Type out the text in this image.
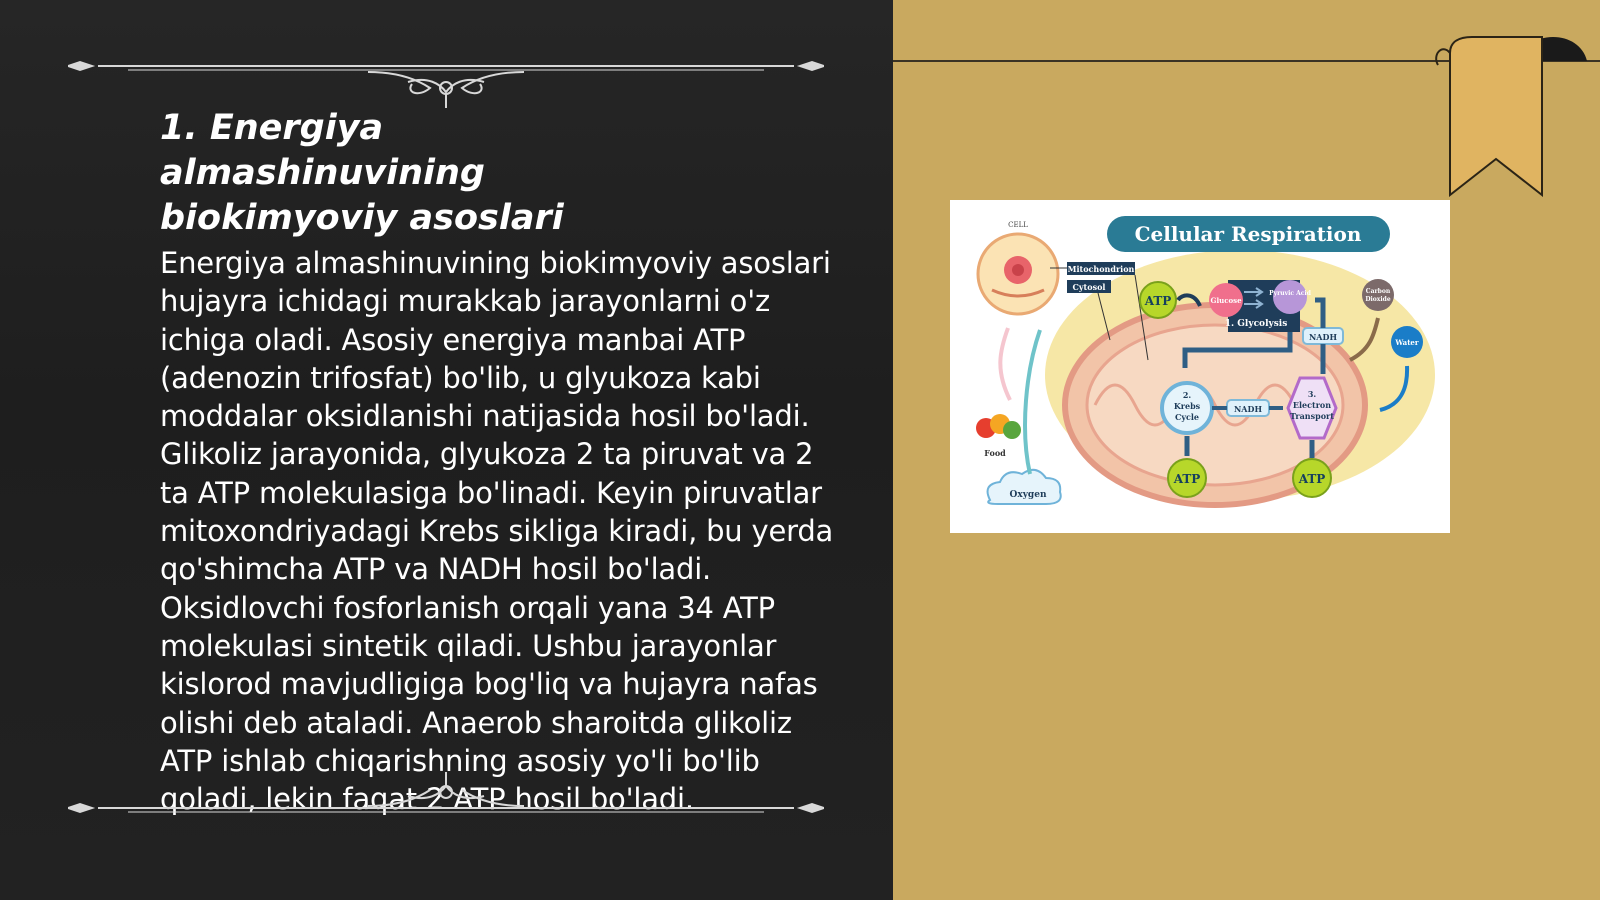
1. Energiya almashinuvining biokimyoviy asoslari

Energiya almashinuvining biokimyoviy asoslari hujayra ichidagi murakkab jarayonlarni o'z ichiga oladi. Asosiy energiya manbai ATP (adenozin trifosfat) bo'lib, u glyukoza kabi moddalar oksidlanishi natijasida hosil bo'ladi. Glikoliz jarayonida, glyukoza 2 ta piruvat va 2 ta ATP molekulasiga bo'linadi. Keyin piruvatlar mitoxondriyadagi Krebs sikliga kiradi, bu yerda qo'shimcha ATP va NADH hosil bo'ladi. Oksidlovchi fosforlanish orqali yana 34 ATP molekulasi sintetik qiladi. Ushbu jarayonlar kislorod mavjudligiga bog'liq va hujayra nafas olishi deb ataladi. Anaerob sharoitda glikoliz ATP ishlab chiqarishning asosiy yo'li bo'lib qoladi, lekin faqat 2 ATP hosil bo'ladi.

Cellular Respiration
CELL
Mitochondrion
Cytosol
Glucose
Pyruvic Acid
1. Glycolysis
ATP
NADH
2.
Krebs
Cycle
NADH
3.
Electron
Transport
ATP	ATP
Carbon
Dioxide
Water
Food
Oxygen
